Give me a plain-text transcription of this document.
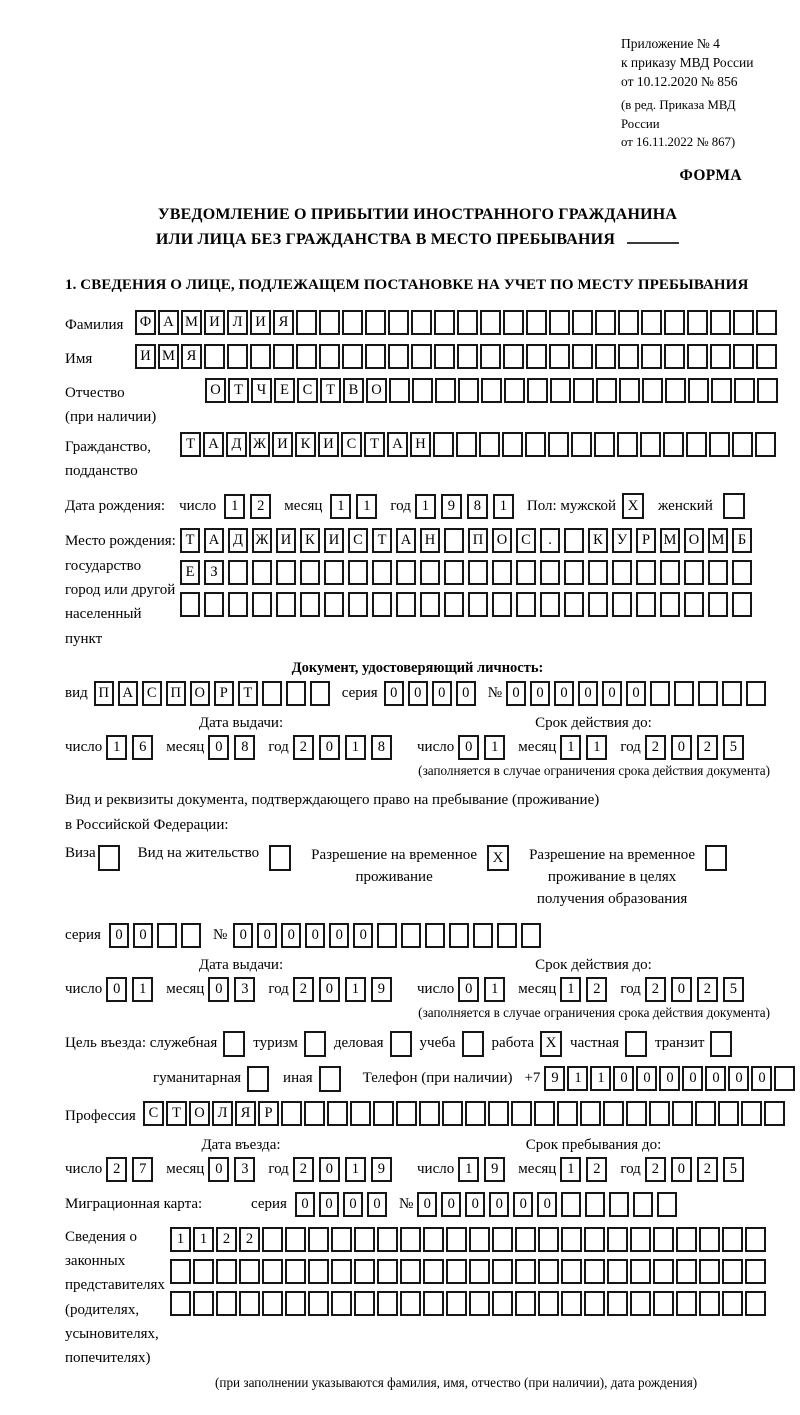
Приложение № 4
к приказу МВД России
от 10.12.2020 № 856
(в ред. Приказа МВД России
от 16.11.2022 № 867)
ФОРМА
УВЕДОМЛЕНИЕ О ПРИБЫТИИ ИНОСТРАННОГО ГРАЖДАНИНА
ИЛИ ЛИЦА БЕЗ ГРАЖДАНСТВА В МЕСТО ПРЕБЫВАНИЯ
1. СВЕДЕНИЯ О ЛИЦЕ, ПОДЛЕЖАЩЕМ ПОСТАНОВКЕ НА УЧЕТ ПО МЕСТУ ПРЕБЫВАНИЯ
Фамилия	Ф А М И Л И Я
Имя	И М Я
Отчество
(при наличии)
О Т Ч Е С Т В О
Гражданство,
подданство
Т А Д Ж И К И С Т А Н
Дата рождения: число	1	2	месяц	1	1	год 1	9	8	1	Пол: мужской X	женский
Место рождения:
государство
город или другой
населенный пункт
Т А Д Ж И К И С	Т А Н	П О С	.	К У	Р М О М Б
Е	З
Документ, удостоверяющий личность:
вид П А С П О	Р	Т	серия 0	0	0	0	№ 0	0	0	0	0	0
Дата выдачи:
число 1	6	месяц 0	8	год 2	0	1	8
Срок действия до:
число 0	1	месяц 1	1	год 2	0	2	5
(заполняется в случае ограничения срока действия документа)
Вид и реквизиты документа, подтверждающего право на пребывание (проживание)
в Российской Федерации:
Виза	Вид на жительство	Разрешение на временное
проживание
X	Разрешение на временное
проживание в целях
получения образования
серия 0	0	№ 0	0	0	0	0	0
Дата выдачи:
число 0	1	месяц 0	3	год 2	0	1	9
Срок действия до:
число 0	1	месяц 1	2	год 2	0	2	5
(заполняется в случае ограничения срока действия документа)
Цель въезда: служебная туризм деловая учеба работа X частная транзит
гуманитарная	иная	Телефон (при наличии) +7 9	1	1	0	0	0	0	0	0	0
Профессия С Т О Л Я Р
Дата въезда:
число 2	7	месяц 0	3	год 2	0	1	9
Срок пребывания до:
число 1	9	месяц 1	2	год 2	0	2	5
Миграционная карта:	серия 0	0	0	0	№ 0	0	0	0	0	0
Сведения о
законных
представителях
(родителях,
усыновителях,
попечителях)
1	1	2	2
(при заполнении указываются фамилия, имя, отчество (при наличии), дата рождения)
